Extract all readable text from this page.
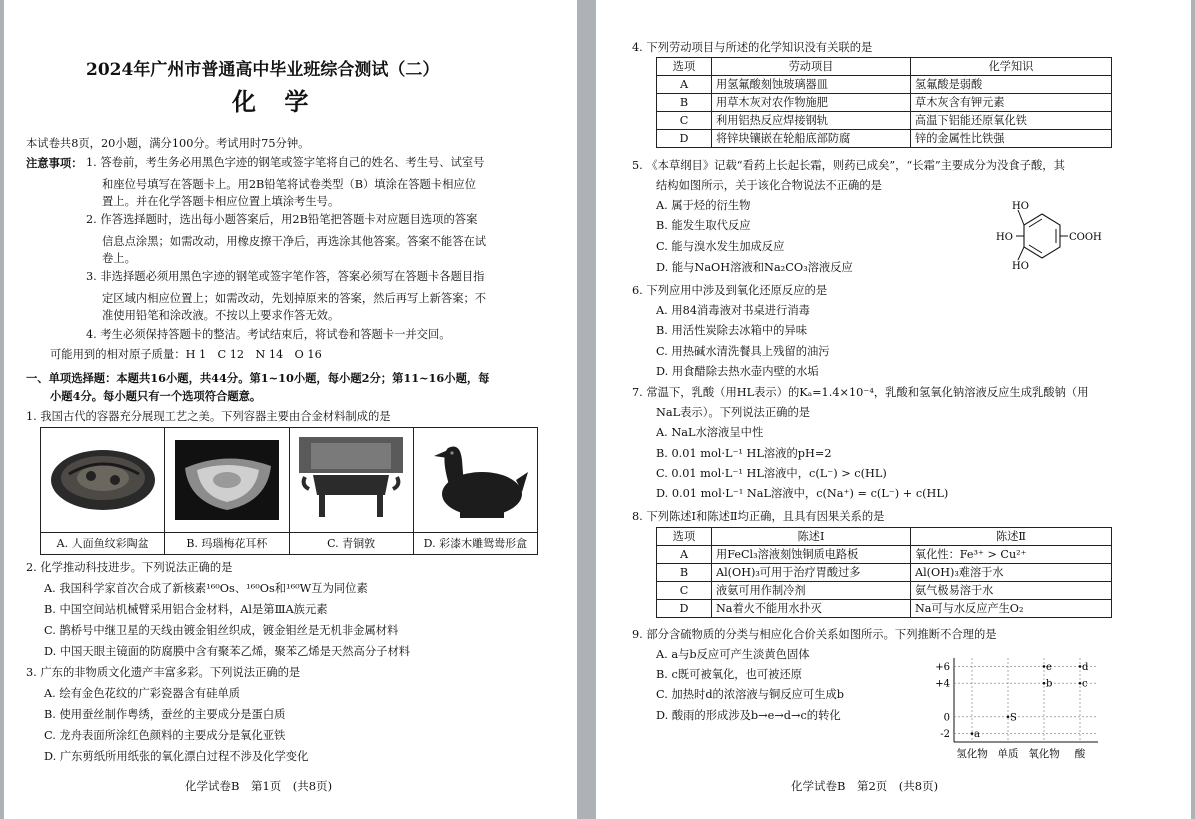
2024年广州市普通高中毕业班综合测试（二）
化 学
本试卷共8页，20小题，满分100分。考试用时75分钟。
注意事项： 1. 答卷前，考生务必用黑色字迹的钢笔或签字笔将自己的姓名、考生号、试室号
和座位号填写在答题卡上。用2B铅笔将试卷类型（B）填涂在答题卡相应位
置上。并在化学答题卡相应位置上填涂考生号。
2. 作答选择题时，选出每小题答案后，用2B铅笔把答题卡对应题目选项的答案
信息点涂黑；如需改动，用橡皮擦干净后，再选涂其他答案。答案不能答在试
卷上。
3. 非选择题必须用黑色字迹的钢笔或签字笔作答，答案必须写在答题卡各题目指
定区域内相应位置上；如需改动，先划掉原来的答案，然后再写上新答案；不
准使用铅笔和涂改液。不按以上要求作答无效。
4. 考生必须保持答题卡的整洁。考试结束后，将试卷和答题卡一并交回。
可能用到的相对原子质量：H 1　C 12　N 14　O 16
一、单项选择题：本题共16小题，共44分。第1~10小题，每小题2分；第11~16小题，每
小题4分。每小题只有一个选项符合题意。
1. 我国古代的容器充分展现工艺之美。下列容器主要由合金材料制成的是
A. 人面鱼纹彩陶盆	B. 玛瑙梅花耳杯	C. 青铜敦	D. 彩漆木雕鸳鸯形盒
2. 化学推动科技进步。下列说法正确的是
A. 我国科学家首次合成了新核素¹⁶⁰Os、¹⁶⁰Os和¹⁶⁰W互为同位素
B. 中国空间站机械臂采用铝合金材料，Al是第ⅢA族元素
C. 鹊桥号中继卫星的天线由镀金钼丝织成，镀金钼丝是无机非金属材料
D. 中国天眼主镜面的防腐膜中含有聚苯乙烯，聚苯乙烯是天然高分子材料
3. 广东的非物质文化遗产丰富多彩。下列说法正确的是
A. 绘有金色花纹的广彩瓷器含有硅单质
B. 使用蚕丝制作粤绣，蚕丝的主要成分是蛋白质
C. 龙舟表面所涂红色颜料的主要成分是氧化亚铁
D. 广东剪纸所用纸张的氧化漂白过程不涉及化学变化
化学试卷B　第1页　(共8页)
4. 下列劳动项目与所述的化学知识没有关联的是
选项	劳动项目	化学知识
A	用氢氟酸刻蚀玻璃器皿	氢氟酸是弱酸
B	用草木灰对农作物施肥	草木灰含有钾元素
C	利用铝热反应焊接钢轨	高温下铝能还原氧化铁
D	将锌块镶嵌在轮船底部防腐	锌的金属性比铁强
5. 《本草纲目》记载“看药上长起长霜，则药已成矣”，“长霜”主要成分为没食子酸，其
结构如图所示，关于该化合物说法不正确的是
A. 属于烃的衍生物
B. 能发生取代反应
C. 能与溴水发生加成反应
D. 能与NaOH溶液和Na₂CO₃溶液反应
HO
HO
HO
COOH
6. 下列应用中涉及到氧化还原反应的是
A. 用84消毒液对书桌进行消毒
B. 用活性炭除去冰箱中的异味
C. 用热碱水清洗餐具上残留的油污
D. 用食醋除去热水壶内壁的水垢
7. 常温下，乳酸（用HL表示）的Kₐ=1.4×10⁻⁴，乳酸和氢氧化钠溶液反应生成乳酸钠（用
NaL表示）。下列说法正确的是
A. NaL水溶液呈中性
B. 0.01 mol·L⁻¹ HL溶液的pH=2
C. 0.01 mol·L⁻¹ HL溶液中，c(L⁻) > c(HL)
D. 0.01 mol·L⁻¹ NaL溶液中，c(Na⁺) = c(L⁻) + c(HL)
8. 下列陈述Ⅰ和陈述Ⅱ均正确，且具有因果关系的是
选项	陈述Ⅰ	陈述Ⅱ
A	用FeCl₃溶液刻蚀铜质电路板	氧化性：Fe³⁺ > Cu²⁺
B	Al(OH)₃可用于治疗胃酸过多	Al(OH)₃难溶于水
C	液氨可用作制冷剂	氨气极易溶于水
D	Na着火不能用水扑灭	Na可与水反应产生O₂
9. 部分含硫物质的分类与相应化合价关系如图所示。下列推断不合理的是
A. a与b反应可产生淡黄色固体
B. c既可被氧化，也可被还原
C. 加热时d的浓溶液与铜反应可生成b
D. 酸雨的形成涉及b→e→d→c的转化
+6
+4
0
-2
氢化物 单质 氧化物 酸
a
S
b
e
c
d
化学试卷B　第2页　(共8页)
